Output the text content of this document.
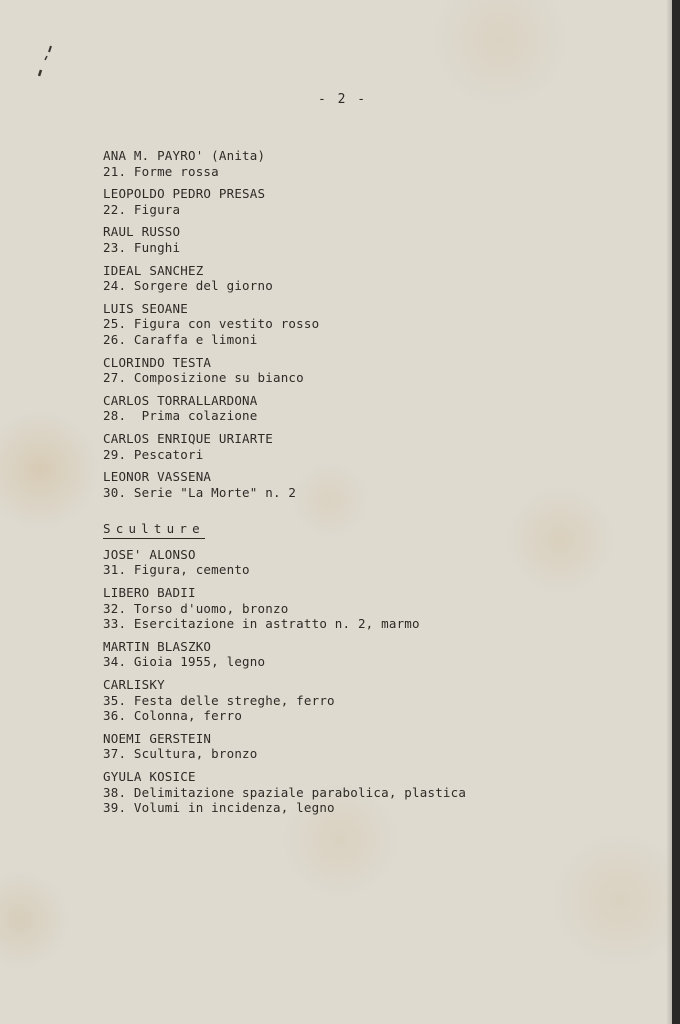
- 2 -
ANA M. PAYRO' (Anita)
21. Forme rossa
LEOPOLDO PEDRO PRESAS
22. Figura
RAUL RUSSO
23. Funghi
IDEAL SANCHEZ
24. Sorgere del giorno
LUIS SEOANE
25. Figura con vestito rosso
26. Caraffa e limoni
CLORINDO TESTA
27. Composizione su bianco
CARLOS TORRALLARDONA
28.  Prima colazione
CARLOS ENRIQUE URIARTE
29. Pescatori
LEONOR VASSENA
30. Serie "La Morte" n. 2
Sculture
JOSE' ALONSO
31. Figura, cemento
LIBERO BADII
32. Torso d'uomo, bronzo
33. Esercitazione in astratto n. 2, marmo
MARTIN BLASZKO
34. Gioia 1955, legno
CARLISKY
35. Festa delle streghe, ferro
36. Colonna, ferro
NOEMI GERSTEIN
37. Scultura, bronzo
GYULA KOSICE
38. Delimitazione spaziale parabolica, plastica
39. Volumi in incidenza, legno
